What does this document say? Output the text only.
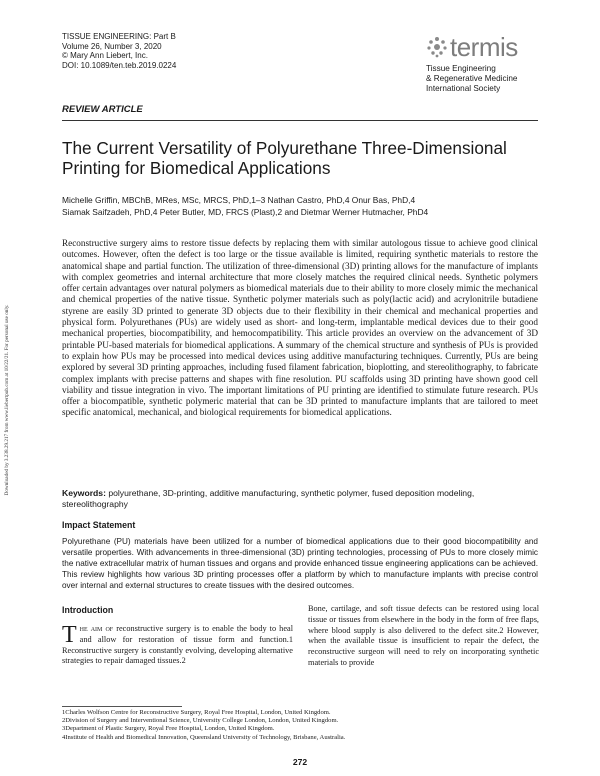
TISSUE ENGINEERING: Part B
Volume 26, Number 3, 2020
© Mary Ann Liebert, Inc.
DOI: 10.1089/ten.teb.2019.0224
termis
Tissue Engineering
& Regenerative Medicine
International Society
REVIEW ARTICLE
The Current Versatility of Polyurethane Three-Dimensional Printing for Biomedical Applications
Michelle Griffin, MBChB, MRes, MSc, MRCS, PhD,1–3 Nathan Castro, PhD,4 Onur Bas, PhD,4
Siamak Saifzadeh, PhD,4 Peter Butler, MD, FRCS (Plast),2 and Dietmar Werner Hutmacher, PhD4
Downloaded by 3.238.29.217 from www.liebertpub.com at 10/22/21. For personal use only.

Reconstructive surgery aims to restore tissue defects by replacing them with similar autologous tissue to achieve good clinical outcomes. However, often the defect is too large or the tissue available is limited, requiring synthetic materials to restore the anatomical shape and partial function. The utilization of three-dimensional (3D) printing allows for the manufacture of implants with complex geometries and internal architecture that more closely matches the required clinical needs. Synthetic polymers offer certain advantages over natural polymers as biomedical materials due to their ability to more closely mimic the mechanical and chemical properties of the native tissue. Synthetic polymer materials such as poly(lactic acid) and acrylonitrile butadiene styrene are easily 3D printed to generate 3D objects due to their flexibility in their chemical and mechanical properties and physical form. Polyurethanes (PUs) are widely used as short- and long-term, implantable medical devices due to their good mechanical properties, biocompatibility, and hemocompatibility. This article provides an overview on the advancement of 3D printable PU-based materials for biomedical applications. A summary of the chemical structure and synthesis of PUs is provided to explain how PUs may be processed into medical devices using additive manufacturing techniques. Currently, PUs are being explored by several 3D printing approaches, including fused filament fabrication, bioplotting, and stereolithography, to fabricate complex implants with precise patterns and shapes with fine resolution. PU scaffolds using 3D printing have shown good cell viability and tissue integration in vivo. The important limitations of PU printing are identified to stimulate future research. PUs offer a biocompatible, synthetic polymeric material that can be 3D printed to manufacture implants that are tailored to meet specific anatomical, mechanical, and biological requirements for biomedical applications.

Keywords: polyurethane, 3D-printing, additive manufacturing, synthetic polymer, fused deposition modeling, stereolithography
Impact Statement

Polyurethane (PU) materials have been utilized for a number of biomedical applications due to their good biocompatibility and versatile properties. With advancements in three-dimensional (3D) printing technologies, processing of PUs to more closely mimic the native extracellular matrix of human tissues and organs and provide enhanced tissue engineering applications can be achieved. This review highlights how various 3D printing processes offer a platform by which to manufacture implants with precise control over internal and external structures to create tissues with the desired outcomes.

Introduction

The aim of reconstructive surgery is to enable the body to heal and allow for restoration of tissue form and function.1 Reconstructive surgery is constantly evolving, developing alternative strategies to repair damaged tissues.2

Bone, cartilage, and soft tissue defects can be restored using local tissue or tissues from elsewhere in the body in the form of free flaps, where blood supply is also delivered to the defect site.2 However, when the available tissue is insufficient to repair the defect, the reconstructive surgeon will need to rely on incorporating synthetic materials to provide

1Charles Wolfson Centre for Reconstructive Surgery, Royal Free Hospital, London, United Kingdom.
2Division of Surgery and Interventional Science, University College London, London, United Kingdom.
3Department of Plastic Surgery, Royal Free Hospital, London, United Kingdom.
4Institute of Health and Biomedical Innovation, Queensland University of Technology, Brisbane, Australia.
272
